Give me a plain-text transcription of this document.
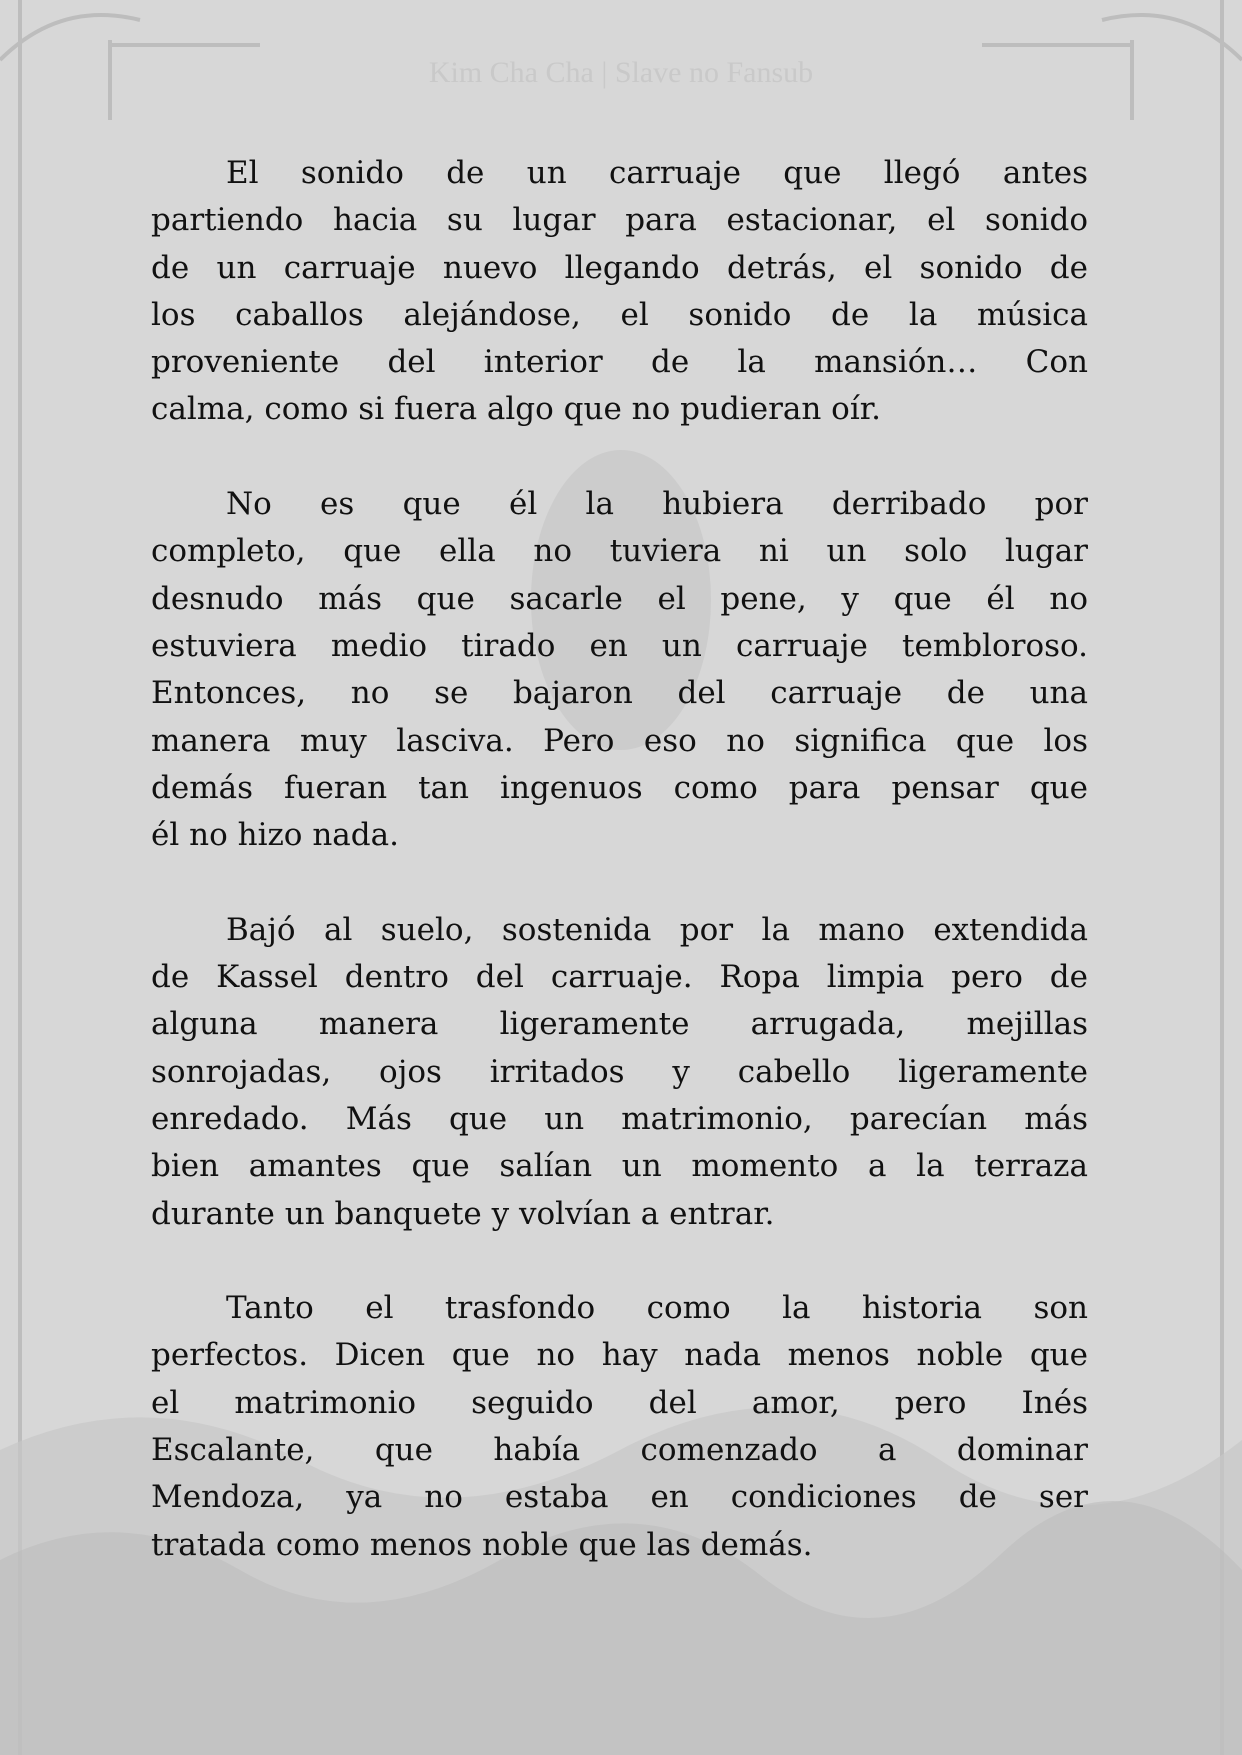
Kim Cha Cha | Slave no Fansub
El sonido de un carruaje que llegó antes
partiendo hacia su lugar para estacionar, el sonido
de un carruaje nuevo llegando detrás, el sonido de
los caballos alejándose, el sonido de la música
proveniente del interior de la mansión… Con
calma, como si fuera algo que no pudieran oír.
No es que él la hubiera derribado por
completo, que ella no tuviera ni un solo lugar
desnudo más que sacarle el pene, y que él no
estuviera medio tirado en un carruaje tembloroso.
Entonces, no se bajaron del carruaje de una
manera muy lasciva. Pero eso no significa que los
demás fueran tan ingenuos como para pensar que
él no hizo nada.
Bajó al suelo, sostenida por la mano extendida
de Kassel dentro del carruaje. Ropa limpia pero de
alguna manera ligeramente arrugada, mejillas
sonrojadas, ojos irritados y cabello ligeramente
enredado. Más que un matrimonio, parecían más
bien amantes que salían un momento a la terraza
durante un banquete y volvían a entrar.
Tanto el trasfondo como la historia son
perfectos. Dicen que no hay nada menos noble que
el matrimonio seguido del amor, pero Inés
Escalante, que había comenzado a dominar
Mendoza, ya no estaba en condiciones de ser
tratada como menos noble que las demás.
